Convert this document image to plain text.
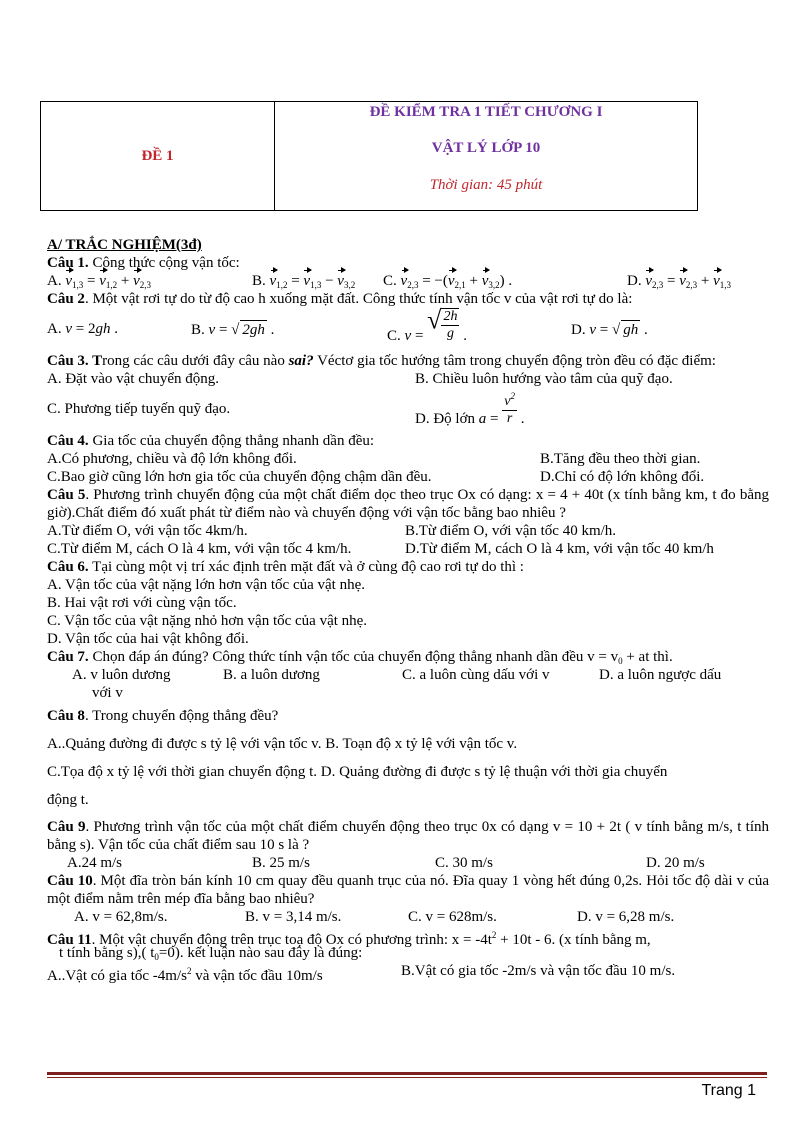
ĐỀ 1	
ĐỀ KIỂM TRA 1 TIẾT CHƯƠNG I
VẬT LÝ LỚP 10
Thời gian: 45 phút
A/ TRẮC NGHIỆM(3đ)
Câu 1. Công thức cộng vận tốc:
A. $v_{1,3} = v_{1,2} + v_{2,3}$	B. $v_{1,2} = v_{1,3} - v_{3,2}$ C. $v_{2,3} = -(v_{2,1} + v_{3,2})$ .	D. $v_{2,3} = v_{2,3} + v_{1,3}$
Câu 2. Một vật rơi tự do từ độ cao h xuống mặt đất. Công thức tính vận tốc v của vật rơi tự do là:
A. v = 2gh .	B. v = √ 2gh .	C. v = √ $\frac{2h}{g}$ .	D. v = √ gh .
Câu 3. Trong các câu dưới đây câu nào sai? Véctơ gia tốc hướng tâm trong chuyển động tròn đều có đặc điểm:
A. Đặt vào vật chuyển động.	B. Chiều luôn hướng vào tâm của quỹ đạo.
C. Phương tiếp tuyến quỹ đạo.
D. Độ lớn $a = \frac{v^2}{r}$ .
Câu 4. Gia tốc của chuyển động thẳng nhanh dần đều:
A.Có phương, chiều và độ lớn không đổi.	B.Tăng đều theo thời gian.
C.Bao giờ cũng lớn hơn gia tốc của chuyển động chậm dần đều.	D.Chỉ có độ lớn không đổi.
Câu 5. Phương trình chuyển động của một chất điểm dọc theo trục Ox có dạng: x = 4 + 40t (x tính bằng km, t đo bằng giờ).Chất điểm đó xuất phát từ điểm nào và chuyển động với vận tốc bằng bao nhiêu ?
A.Từ điểm O, với vận tốc 4km/h.	B.Từ điểm O, với vận tốc 40 km/h.
C.Từ điểm M, cách O là 4 km, với vận tốc 4 km/h.	D.Từ điểm M, cách O là 4 km, với vận tốc 40 km/h
Câu 6. Tại cùng một vị trí xác định trên mặt đất và ở cùng độ cao rơi tự do thì :
A. Vận tốc của vật nặng lớn hơn vận tốc của vật nhẹ.
B. Hai vật rơi với cùng vận tốc.
C. Vận tốc của vật nặng nhỏ hơn vận tốc của vật nhẹ.
D. Vận tốc của hai vật không đổi.
Câu 7. Chọn đáp án đúng? Công thức tính vận tốc của chuyển động thẳng nhanh dần đều $v = v_0$ + at thì.
A. v luôn dương	B. a luôn dương	C. a luôn cùng dấu với v	D. a luôn ngược dấu
với v
Câu 8. Trong chuyển động thẳng đều?
A..Quảng đường đi được s tỷ lệ với vận tốc v. B. Toạn độ x tỷ lệ với vận tốc v.
C.Tọa độ x tỷ lệ với thời gian chuyển động t. D. Quảng đường đi được s tỷ lệ thuận với thời gia chuyển
động t.
Câu 9. Phương trình vận tốc của một chất điểm chuyển động theo trục 0x có dạng v = 10 + 2t ( v tính bằng m/s, t tính bằng s). Vận tốc của chất điểm sau 10 s là ?
A.24 m/s	B. 25 m/s	C. 30 m/s	D. 20 m/s
Câu 10. Một đĩa tròn bán kính 10 cm quay đều quanh trục của nó. Đĩa quay 1 vòng hết đúng 0,2s. Hỏi tốc độ dài v của một điểm nằm trên mép đĩa bằng bao nhiêu?
A. v = 62,8m/s.	B. v = 3,14 m/s.	C. v = 628m/s.	D. v = 6,28 m/s.
Câu 11. Một vật chuyển động trên trục toạ độ Ox có phương trình: $x = -4t^2 + 10t - 6$. (x tính bằng m,
t tính bằng s),( $t_0=0$). kết luận nào sau đây là đúng:
A..Vật có gia tốc $-4m/s^2$ và vận tốc đầu 10m/s	B.Vật có gia tốc -2m/s và vận tốc đầu 10 m/s.
Trang 1
